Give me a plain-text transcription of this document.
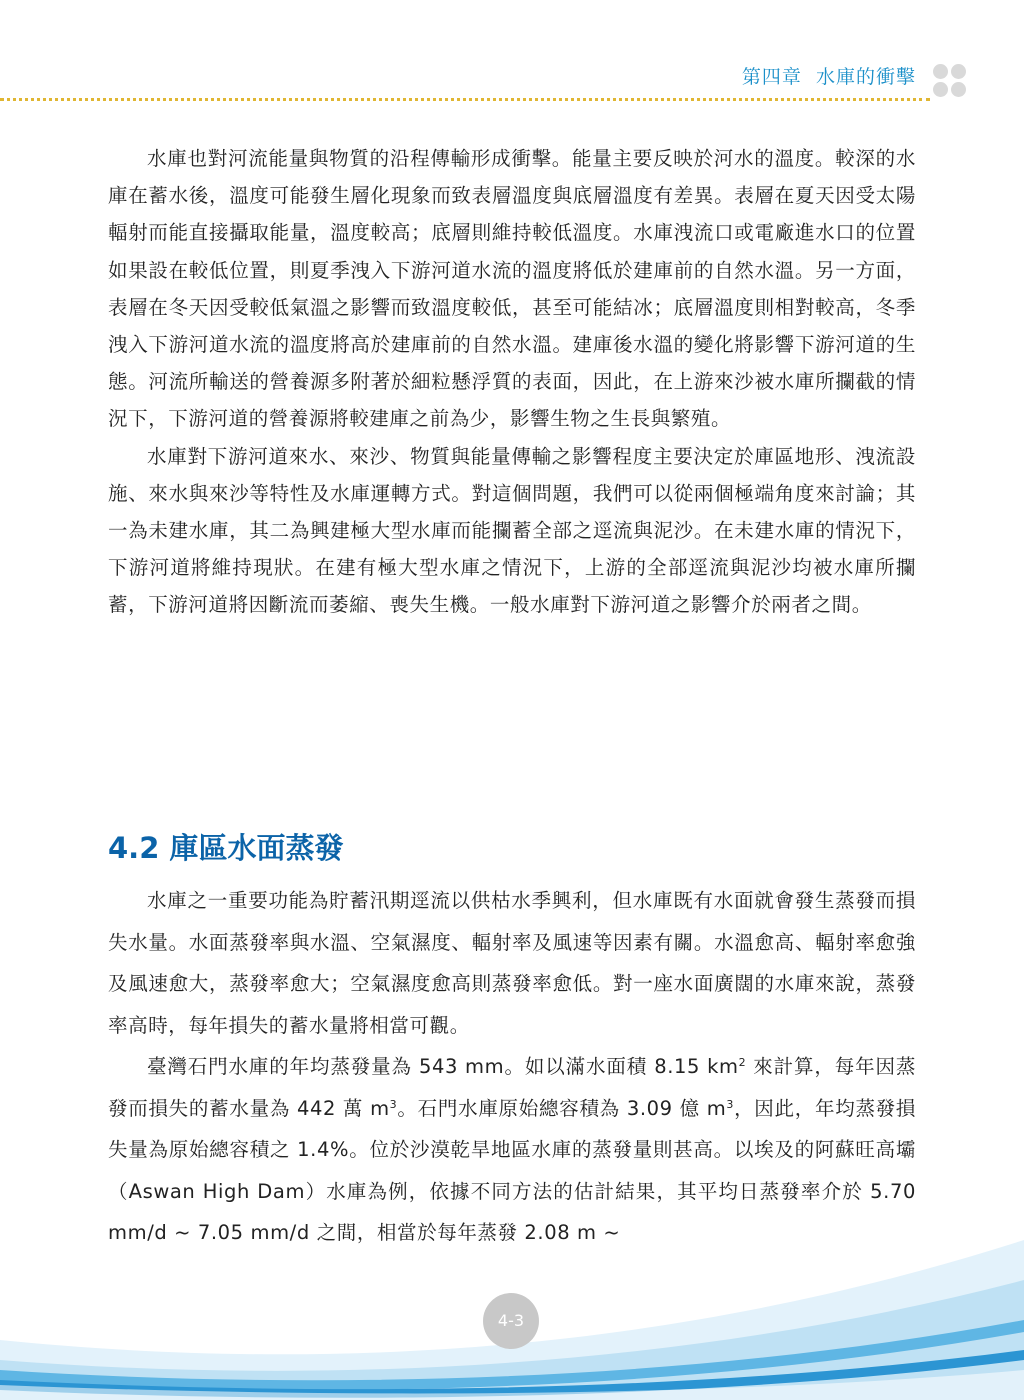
第四章 水庫的衝擊

水庫也對河流能量與物質的沿程傳輸形成衝擊。能量主要反映於河水的溫度。較深的水庫在蓄水後，溫度可能發生層化現象而致表層溫度與底層溫度有差異。表層在夏天因受太陽輻射而能直接攝取能量，溫度較高；底層則維持較低溫度。水庫洩流口或電廠進水口的位置如果設在較低位置，則夏季洩入下游河道水流的溫度將低於建庫前的自然水溫。另一方面，表層在冬天因受較低氣溫之影響而致溫度較低，甚至可能結冰；底層溫度則相對較高，冬季洩入下游河道水流的溫度將高於建庫前的自然水溫。建庫後水溫的變化將影響下游河道的生態。河流所輸送的營養源多附著於細粒懸浮質的表面，因此，在上游來沙被水庫所攔截的情況下，下游河道的營養源將較建庫之前為少，影響生物之生長與繁殖。

水庫對下游河道來水、來沙、物質與能量傳輸之影響程度主要決定於庫區地形、洩流設施、來水與來沙等特性及水庫運轉方式。對這個問題，我們可以從兩個極端角度來討論；其一為未建水庫，其二為興建極大型水庫而能攔蓄全部之逕流與泥沙。在未建水庫的情況下，下游河道將維持現狀。在建有極大型水庫之情況下，上游的全部逕流與泥沙均被水庫所攔蓄，下游河道將因斷流而萎縮、喪失生機。一般水庫對下游河道之影響介於兩者之間。

4.2 庫區水面蒸發

水庫之一重要功能為貯蓄汛期逕流以供枯水季興利，但水庫既有水面就會發生蒸發而損失水量。水面蒸發率與水溫、空氣濕度、輻射率及風速等因素有關。水溫愈高、輻射率愈強及風速愈大，蒸發率愈大；空氣濕度愈高則蒸發率愈低。對一座水面廣闊的水庫來說，蒸發率高時，每年損失的蓄水量將相當可觀。

臺灣石門水庫的年均蒸發量為 543 mm。如以滿水面積 8.15 $km^2$ 來計算，每年因蒸發而損失的蓄水量為 442 萬 $m^3$。石門水庫原始總容積為 3.09 億 $m^3$，因此，年均蒸發損失量為原始總容積之 1.4%。位於沙漠乾旱地區水庫的蒸發量則甚高。以埃及的阿蘇旺高壩（Aswan High Dam）水庫為例，依據不同方法的估計結果，其平均日蒸發率介於 5.70 mm/d ~ 7.05 mm/d 之間，相當於每年蒸發 2.08 m ~

4-3
